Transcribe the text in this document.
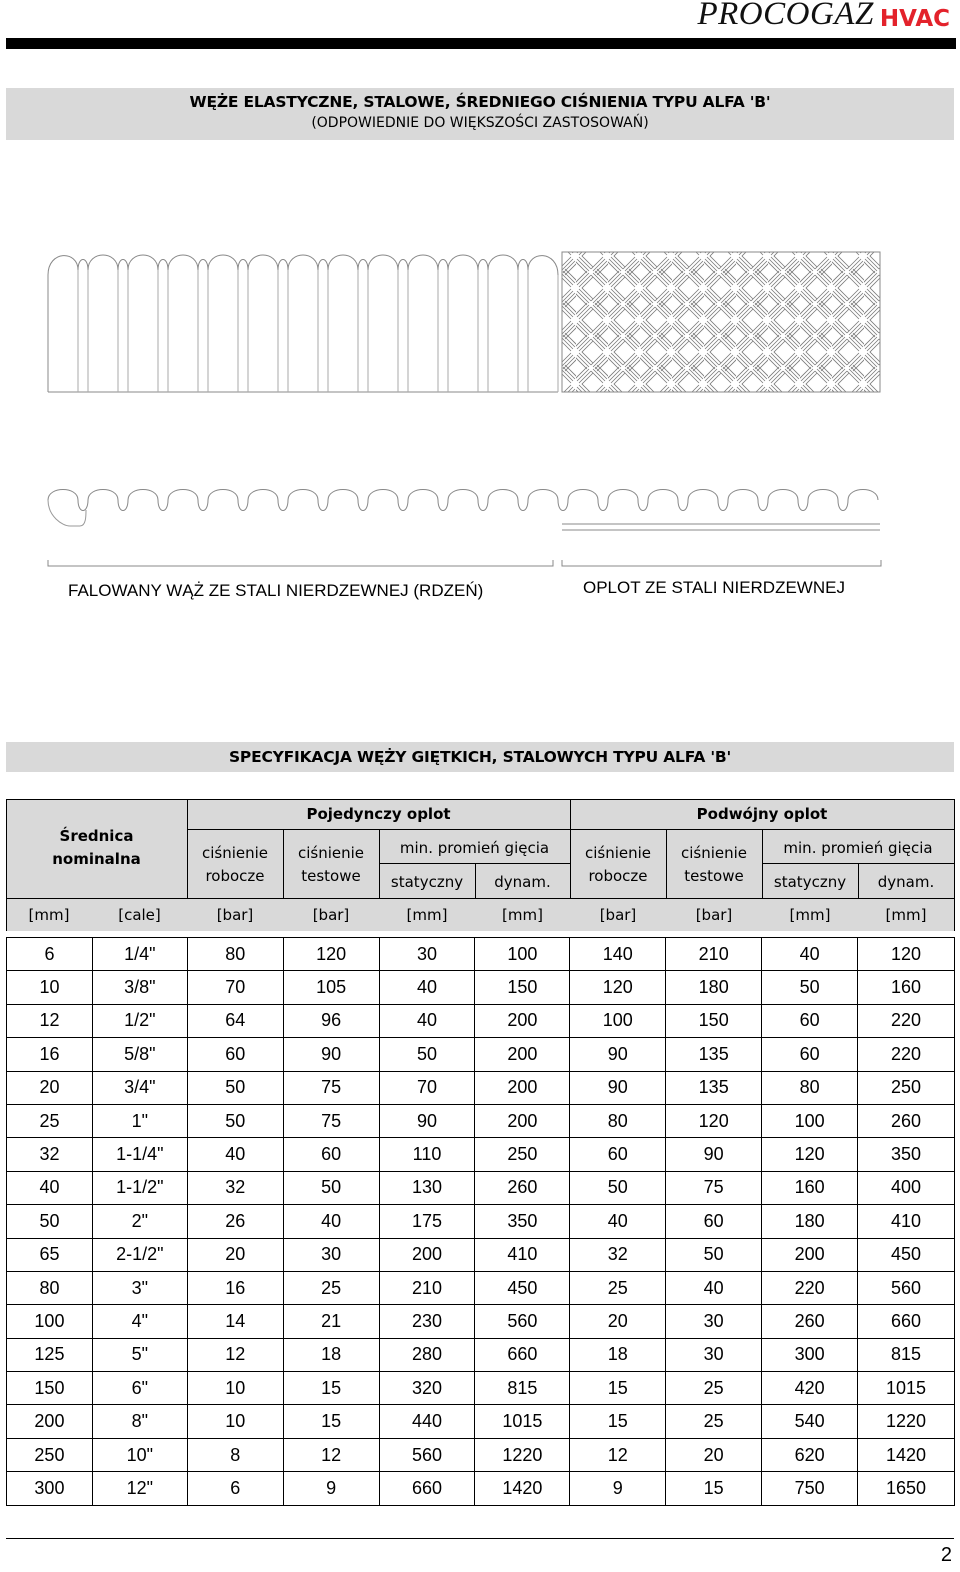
PROCOGAZ HVAC
WĘŻE ELASTYCZNE, STALOWE, ŚREDNIEGO CIŚNIENIA TYPU ALFA 'B'
(ODPOWIEDNIE DO WIĘKSZOŚCI ZASTOSOWAŃ)
FALOWANY WĄŻ ZE STALI NIERDZEWNEJ (RDZEŃ)	OPLOT ZE STALI NIERDZEWNEJ
SPECYFIKACJA WĘŻY GIĘTKICH, STALOWYCH TYPU ALFA 'B'
Średnica
nominalna
Pojedynczy oplot	Podwójny oplot
ciśnienie
robocze
ciśnienie
testowe
min. promień gięcia
statyczny	dynam.
ciśnienie
robocze
ciśnienie
testowe
min. promień gięcia
statyczny	dynam.
[mm]	[cale]	[bar]	[bar]	[mm]	[mm]	[bar]	[bar]	[mm]	[mm]
6	1/4"	80	120	30	100	140	210	40	120
10	3/8"	70	105	40	150	120	180	50	160
12	1/2"	64	96	40	200	100	150	60	220
16	5/8"	60	90	50	200	90	135	60	220
20	3/4"	50	75	70	200	90	135	80	250
25	1"	50	75	90	200	80	120	100	260
32	1-1/4"	40	60	110	250	60	90	120	350
40	1-1/2"	32	50	130	260	50	75	160	400
50	2"	26	40	175	350	40	60	180	410
65	2-1/2"	20	30	200	410	32	50	200	450
80	3"	16	25	210	450	25	40	220	560
100	4"	14	21	230	560	20	30	260	660
125	5"	12	18	280	660	18	30	300	815
150	6"	10	15	320	815	15	25	420	1015
200	8"	10	15	440	1015	15	25	540	1220
250	10"	8	12	560	1220	12	20	620	1420
300	12"	6	9	660	1420	9	15	750	1650
2
